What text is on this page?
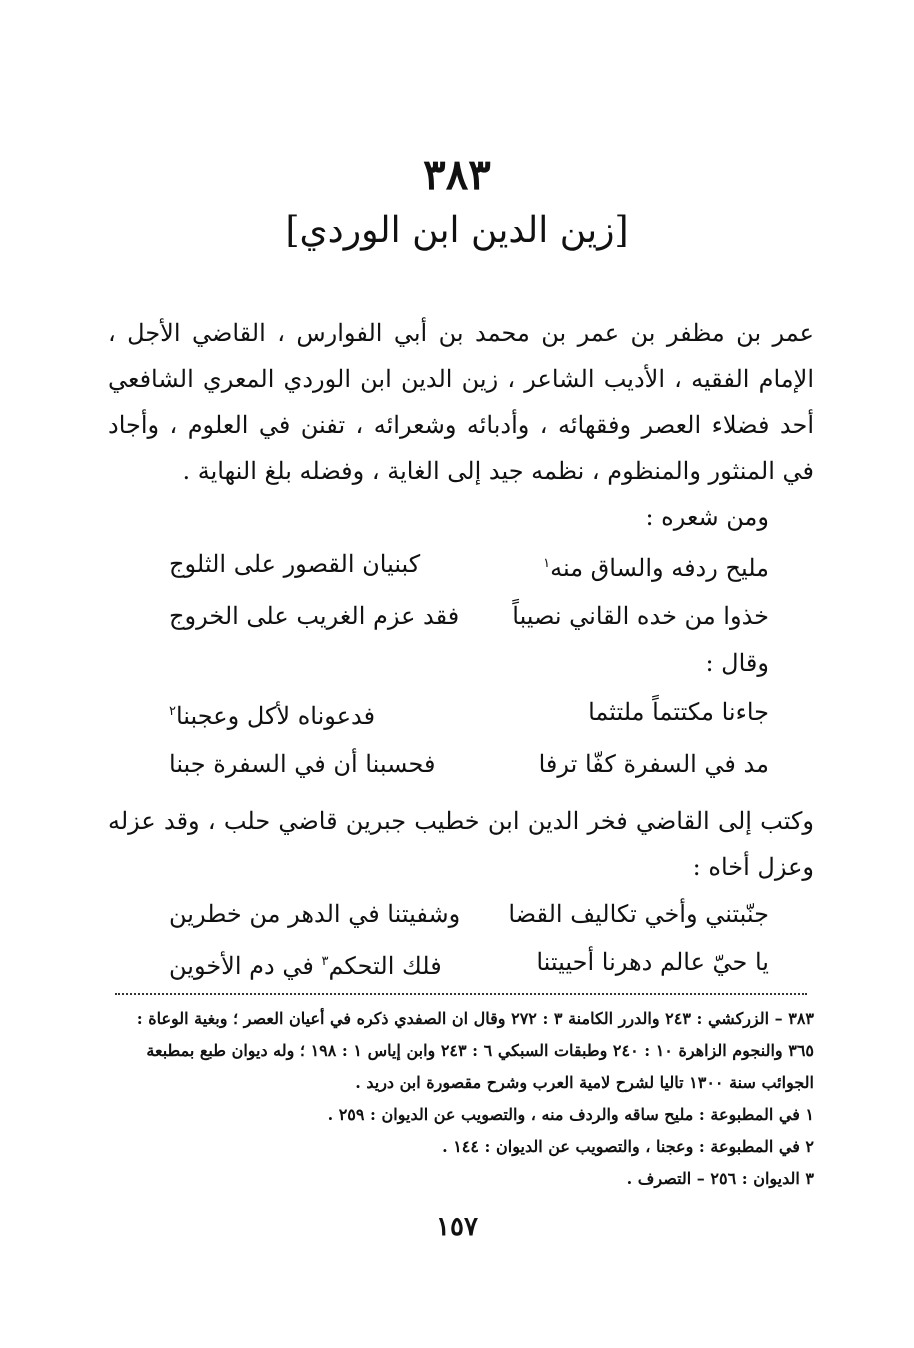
٣٨٣
[زين الدين ابن الوردي]
عمر بن مظفر بن عمر بن محمد بن أبي الفوارس ، القاضي الأجل ، الإمام الفقيه ، الأديب الشاعر ، زين الدين ابن الوردي المعري الشافعي أحد فضلاء العصر وفقهائه ، وأدبائه وشعرائه ، تفنن في العلوم ، وأجاد في المنثور والمنظوم ، نظمه جيد إلى الغاية ، وفضله بلغ النهاية .
ومن شعره :
مليح ردفه والساق منه$^١$
كبنيان القصور على الثلوج
خذوا من خده القاني نصيباً
فقد عزم الغريب على الخروج
وقال :
جاءنا مكتتماً ملتثما
فدعوناه لأكل وعجبنا$^٢$
مد في السفرة كفّا ترفا
فحسبنا أن في السفرة جبنا
وكتب إلى القاضي فخر الدين ابن خطيب جبرين قاضي حلب ، وقد عزله وعزل أخاه :
جنّبتني وأخي تكاليف القضا
وشفيتنا في الدهر من خطرين
يا حيّ عالم دهرنا أحييتنا
فلك التحكم$^٣$ في دم الأخوين

٣٨٣ – الزركشي : ٢٤٣ والدرر الكامنة ٣ : ٢٧٢ وقال ان الصفدي ذكره في أعيان العصر ؛ وبغية الوعاة : ٣٦٥ والنجوم الزاهرة ١٠ : ٢٤٠ وطبقات السبكي ٦ : ٢٤٣ وابن إياس ١ : ١٩٨ ؛ وله ديوان طبع بمطبعة الجوائب سنة ١٣٠٠ تاليا لشرح لامية العرب وشرح مقصورة ابن دريد .

١ في المطبوعة : مليح ساقه والردف منه ، والتصويب عن الديوان : ٢٥٩ .

٢ في المطبوعة : وعجنا ، والتصويب عن الديوان : ١٤٤ .

٣ الديوان : ٢٥٦ – التصرف .

١٥٧
